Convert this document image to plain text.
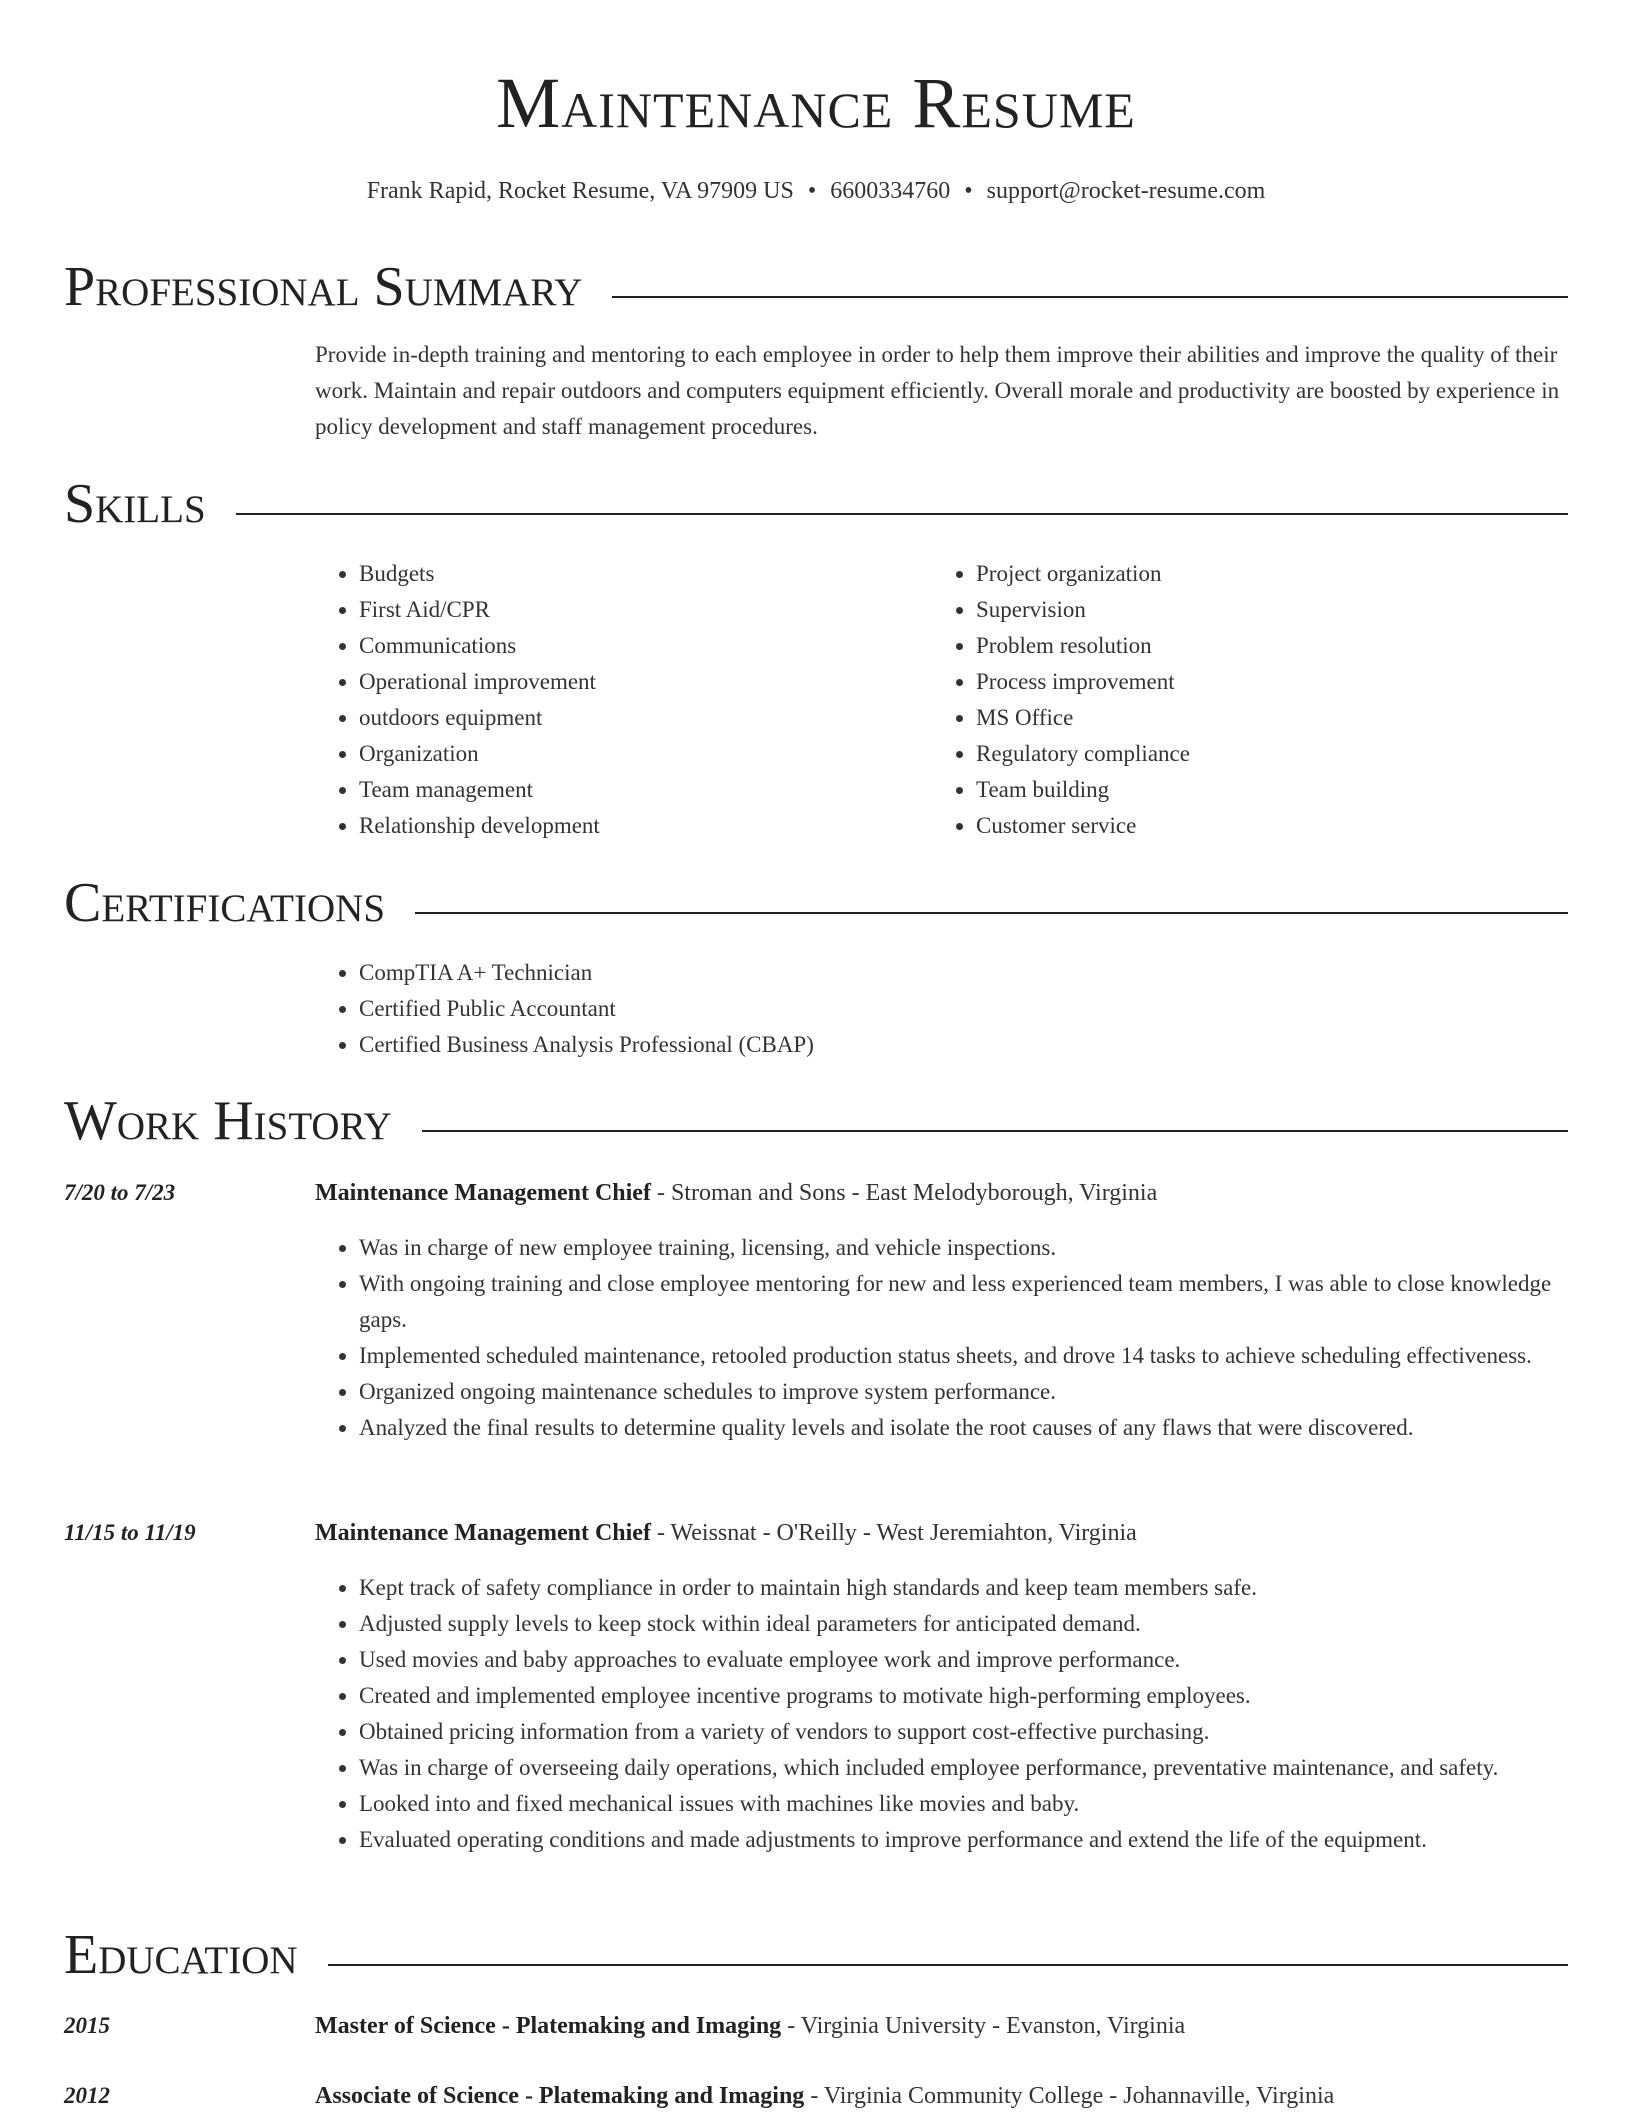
Maintenance Resume
Frank Rapid, Rocket Resume, VA 97909 US • 6600334760 • support@rocket-resume.com
Professional Summary
Provide in-depth training and mentoring to each employee in order to help them improve their abilities and improve the quality of their work. Maintain and repair outdoors and computers equipment efficiently. Overall morale and productivity are boosted by experience in policy development and staff management procedures.
Skills
• Budgets
• First Aid/CPR
• Communications
• Operational improvement
• outdoors equipment
• Organization
• Team management
• Relationship development
• Project organization
• Supervision
• Problem resolution
• Process improvement
• MS Office
• Regulatory compliance
• Team building
• Customer service
Certifications
• CompTIA A+ Technician
• Certified Public Accountant
• Certified Business Analysis Professional (CBAP)
Work History
7/20 to 7/23	Maintenance Management Chief - Stroman and Sons - East Melodyborough, Virginia
• Was in charge of new employee training, licensing, and vehicle inspections.
• With ongoing training and close employee mentoring for new and less experienced team members, I was able to close knowledge gaps.
• Implemented scheduled maintenance, retooled production status sheets, and drove 14 tasks to achieve scheduling effectiveness.
• Organized ongoing maintenance schedules to improve system performance.
• Analyzed the final results to determine quality levels and isolate the root causes of any flaws that were discovered.
11/15 to 11/19	Maintenance Management Chief - Weissnat - O'Reilly - West Jeremiahton, Virginia
• Kept track of safety compliance in order to maintain high standards and keep team members safe.
• Adjusted supply levels to keep stock within ideal parameters for anticipated demand.
• Used movies and baby approaches to evaluate employee work and improve performance.
• Created and implemented employee incentive programs to motivate high-performing employees.
• Obtained pricing information from a variety of vendors to support cost-effective purchasing.
• Was in charge of overseeing daily operations, which included employee performance, preventative maintenance, and safety.
• Looked into and fixed mechanical issues with machines like movies and baby.
• Evaluated operating conditions and made adjustments to improve performance and extend the life of the equipment.
Education
2015	Master of Science - Platemaking and Imaging - Virginia University - Evanston, Virginia
2012	Associate of Science - Platemaking and Imaging - Virginia Community College - Johannaville, Virginia
